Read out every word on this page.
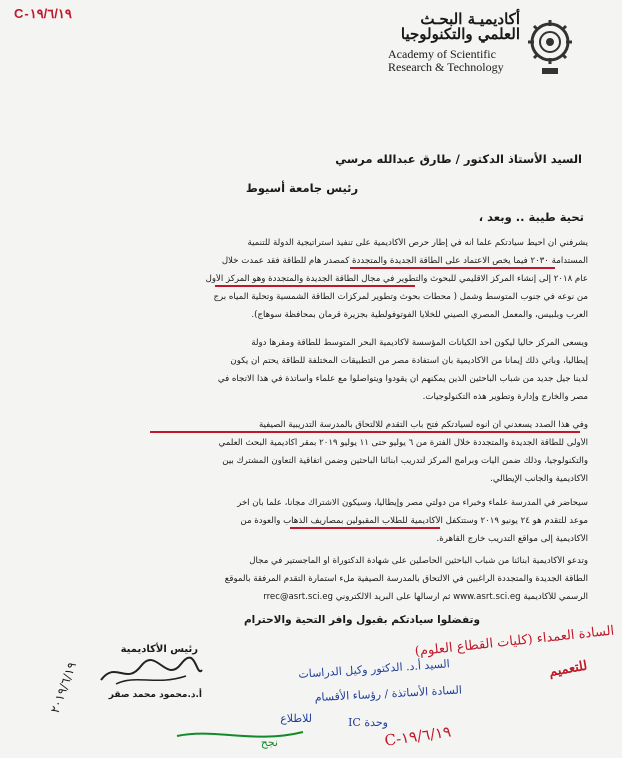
C-١٩/٦/١٩	أكاديميـة البحـث
العلمي والتكنولوجيا
Academy of Scientific
Research & Technology
السيد الأستاذ الدكتور / طارق عبدالله مرسي
رئيس جامعة أسيوط
تحية طيبة .. وبعد ،
يشرفني أن أحيط سيادتكم علما أنه في إطار حرص الأكاديمية على تنفيذ استراتيجية الدولة للتنمية
المستدامة ٢٠٣٠ فيما يخص الاعتماد على الطاقة الجديدة والمتجددة كمصدر هام للطاقة فقد عمدت خلال
عام ٢٠١٨ إلى إنشاء المركز الاقليمي للبحوث والتطوير في مجال الطاقة الجديدة والمتجددة وهو المركز الأول
من نوعه في جنوب المتوسط وشمل ( محطات بحوث وتطوير لمركزات الطاقة الشمسية وتحلية المياه برج
العرب وبلبيس، والمعمل المصري الصيني للخلايا الفوتوفولطية بجزيرة قرمان بمحافظة سوهاج).
ويسعى المركز حاليا ليكون أحد الكيانات المؤسسة لأكاديمية البحر المتوسط للطاقة ومقرها دولة
إيطاليا، وبأتي ذلك إيمانا من الأكاديمية بأن استفادة مصر من التطبيقات المختلفة للطاقة يحتم أن يكون
لدينا جيل جديد من شباب الباحثين الذين يمكنهم أن يقودوا ويتواصلوا مع علماء وأساتذة في هذا الاتجاه في
مصر والخارج وإدارة وتطوير هذه التكنولوجيات.
وفي هذا الصدد يسعدني أن أنوه لسيادتكم فتح باب التقدم للالتحاق بالمدرسة التدريبية الصيفية
الأولى للطاقة الجديدة والمتجددة خلال الفترة من ٦ يوليو حتى ١١ يوليو ٢٠١٩ بمقر أكاديمية البحث العلمي
والتكنولوجيا، وذلك ضمن آليات وبرامج المركز لتدريب أبنائنا الباحثين وضمن اتفاقية التعاون المشترك بين
الأكاديمية والجانب الإيطالي.
سيحاضر في المدرسة علماء وخبراء من دولتي مصر وإيطاليا، وسيكون الاشتراك مجانا، علما بأن آخر
موعد للتقدم هو ٢٤ يونيو ٢٠١٩ وستتكفل الأكاديمية للطلاب المقبولين بمصاريف الذهاب والعودة من
الأكاديمية إلى مواقع التدريب خارج القاهرة.
وتدعو الأكاديمية أبنائنا من شباب الباحثين الحاصلين على شهادة الدكتوراة أو الماجستير في مجال
الطاقة الجديدة والمتجددة الراغبين في الالتحاق بالمدرسة الصيفية ملء استمارة التقدم المرفقة بالموقع
الرسمي للأكاديمية www.asrt.sci.eg ثم ارسالها على البريد الالكتروني rrec@asrt.sci.eg
وتفضلوا سيادتكم بقبول وافر التحية والاحترام
رئيس الأكاديمية
أ.د.محمود محمد صقر
السادة العمداء (كليات القطاع العلوم)
للتعميم
السيد أ.د. الدكتور وكيل الدراسات
السادة الأساتذة / رؤساء الأقسام
للاطلاع	وحدة IC
C-١٩/٦/١٩
٢٠١٩/٦/١٩
نجح
